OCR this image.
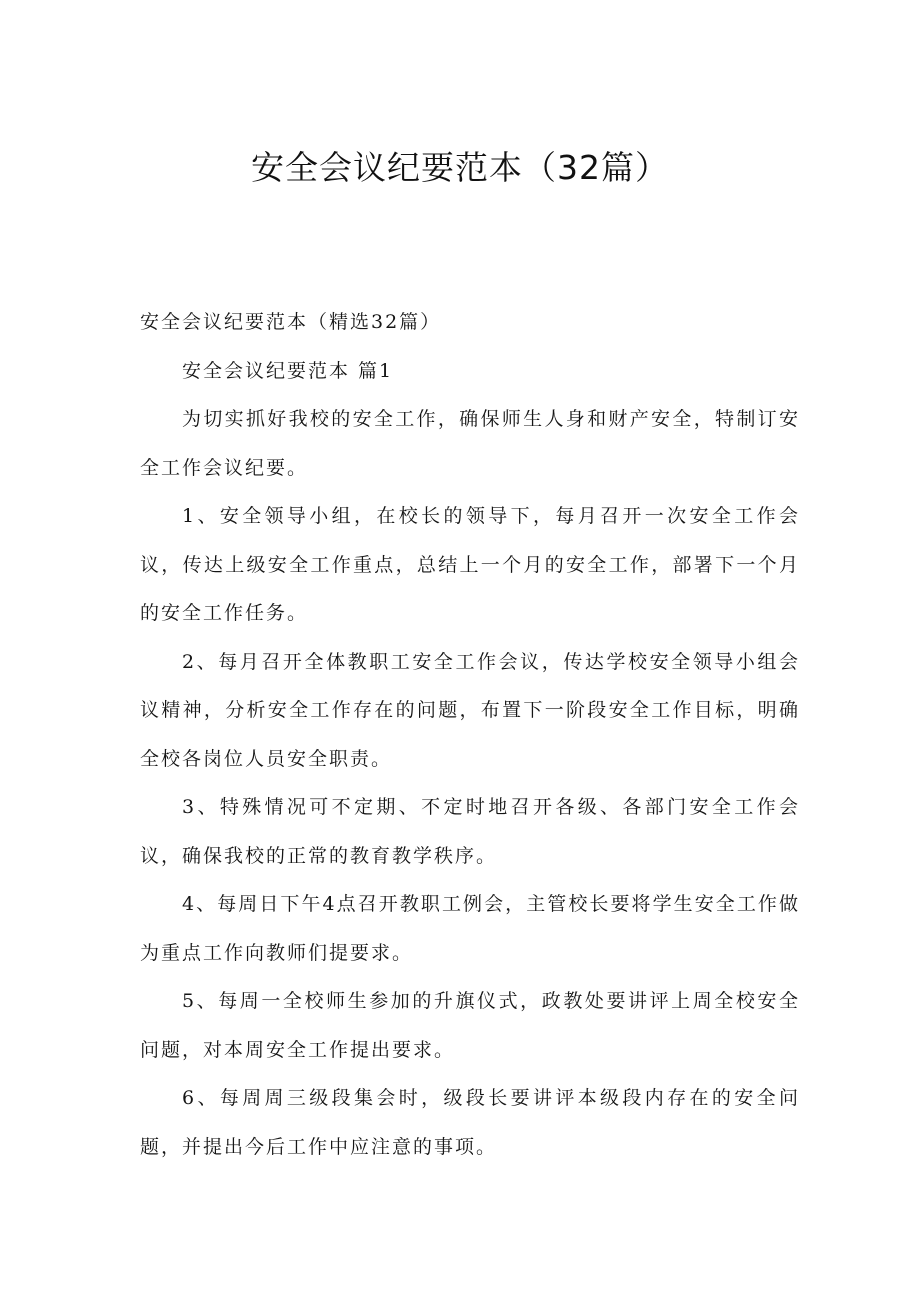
安全会议纪要范本（32篇）

安全会议纪要范本（精选32篇）

安全会议纪要范本 篇1

为切实抓好我校的安全工作，确保师生人身和财产安全，特制订安全工作会议纪要。

1、安全领导小组，在校长的领导下，每月召开一次安全工作会议，传达上级安全工作重点，总结上一个月的安全工作，部署下一个月的安全工作任务。

2、每月召开全体教职工安全工作会议，传达学校安全领导小组会议精神，分析安全工作存在的问题，布置下一阶段安全工作目标，明确全校各岗位人员安全职责。

3、特殊情况可不定期、不定时地召开各级、各部门安全工作会议，确保我校的正常的教育教学秩序。

4、每周日下午4点召开教职工例会，主管校长要将学生安全工作做为重点工作向教师们提要求。

5、每周一全校师生参加的升旗仪式，政教处要讲评上周全校安全问题，对本周安全工作提出要求。

6、每周周三级段集会时，级段长要讲评本级段内存在的安全问题，并提出今后工作中应注意的事项。
